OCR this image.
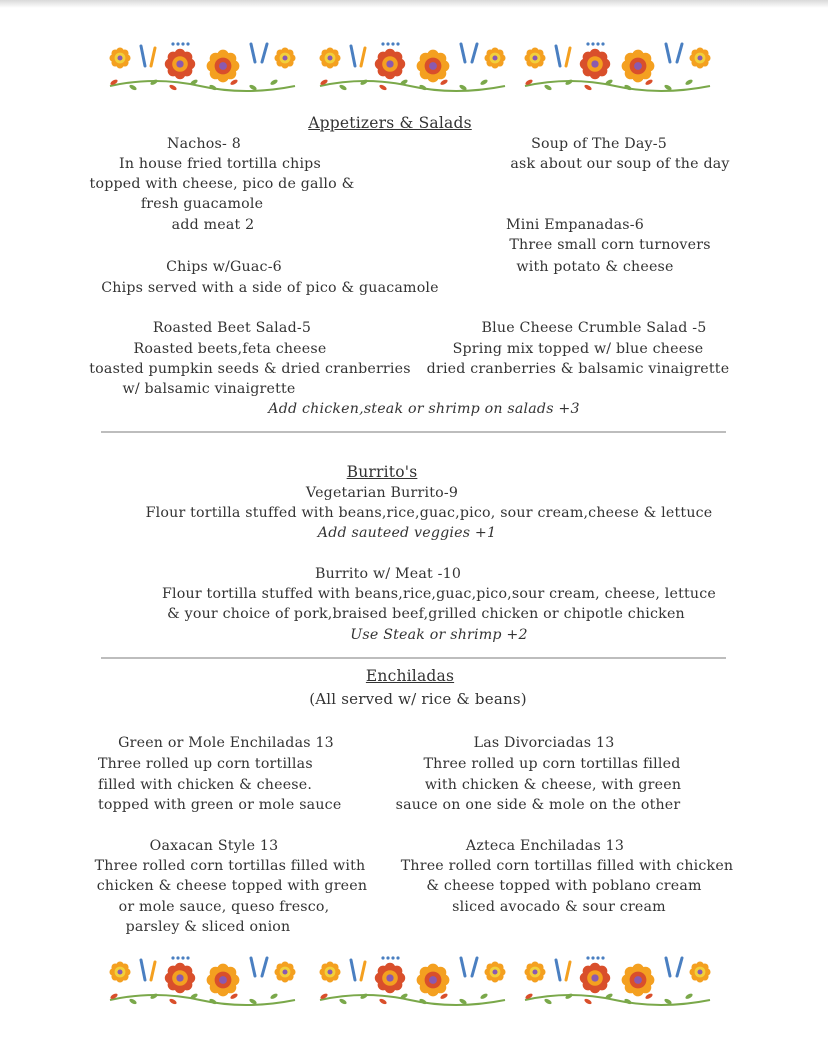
Appetizers & Salads
Nachos- 8
In house fried tortilla chips
topped with cheese, pico de gallo &
fresh guacamole
add meat 2
Soup of The Day-5
ask about our soup of the day
Mini Empanadas-6
Three small corn turnovers
with potato & cheese
Chips w/Guac-6
Chips served with a side of pico & guacamole
Roasted Beet Salad-5
Roasted beets,feta cheese
toasted pumpkin seeds & dried cranberries
w/ balsamic vinaigrette
Blue Cheese Crumble Salad -5
Spring mix topped w/ blue cheese
dried cranberries & balsamic vinaigrette
Add chicken,steak or shrimp on salads +3
Burrito's
Vegetarian Burrito-9
Flour tortilla stuffed with beans,rice,guac,pico, sour cream,cheese & lettuce
Add sauteed veggies +1
Burrito w/ Meat -10
Flour tortilla stuffed with beans,rice,guac,pico,sour cream, cheese, lettuce
& your choice of pork,braised beef,grilled chicken or chipotle chicken
Use Steak or shrimp +2
Enchiladas
(All served w/ rice & beans)
Green or Mole Enchiladas 13
Three rolled up corn tortillas
filled with chicken & cheese.
topped with green or mole sauce
Las Divorciadas 13
Three rolled up corn tortillas filled
with chicken & cheese, with green
sauce on one side & mole on the other
Oaxacan Style 13
Three rolled corn tortillas filled with
chicken & cheese topped with green
or mole sauce, queso fresco,
parsley & sliced onion
Azteca Enchiladas 13
Three rolled corn tortillas filled with chicken
& cheese topped with poblano cream
sliced avocado & sour cream
